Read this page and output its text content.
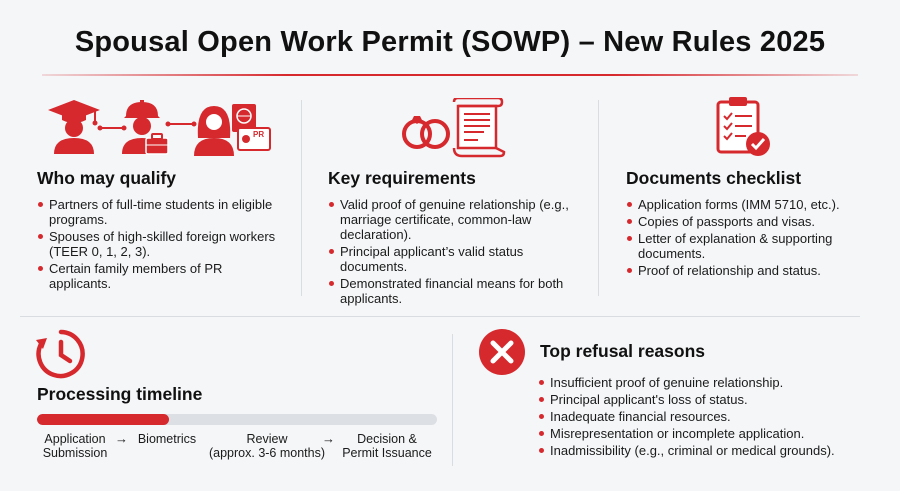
Spousal Open Work Permit (SOWP) – New Rules 2025
PR
Who may qualify
Partners of full-time students in eligible programs.
Spouses of high-skilled foreign workers (TEER 0, 1, 2, 3).
Certain family members of PR applicants.
Key requirements
Valid proof of genuine relationship (e.g., marriage certificate, common-law declaration).
Principal applicant’s valid status documents.
Demonstrated financial means for both applicants.
Documents checklist
Application forms (IMM 5710, etc.).
Copies of passports and visas.
Letter of explanation & supporting documents.
Proof of relationship and status.
Processing timeline
Application
Submission
→ Biometrics	Review
(approx. 3-6 months)
→	Decision &
Permit Issuance
Top refusal reasons
Insufficient proof of genuine relationship.
Principal applicant's loss of status.
Inadequate financial resources.
Misrepresentation or incomplete application.
Inadmissibility (e.g., criminal or medical grounds).
